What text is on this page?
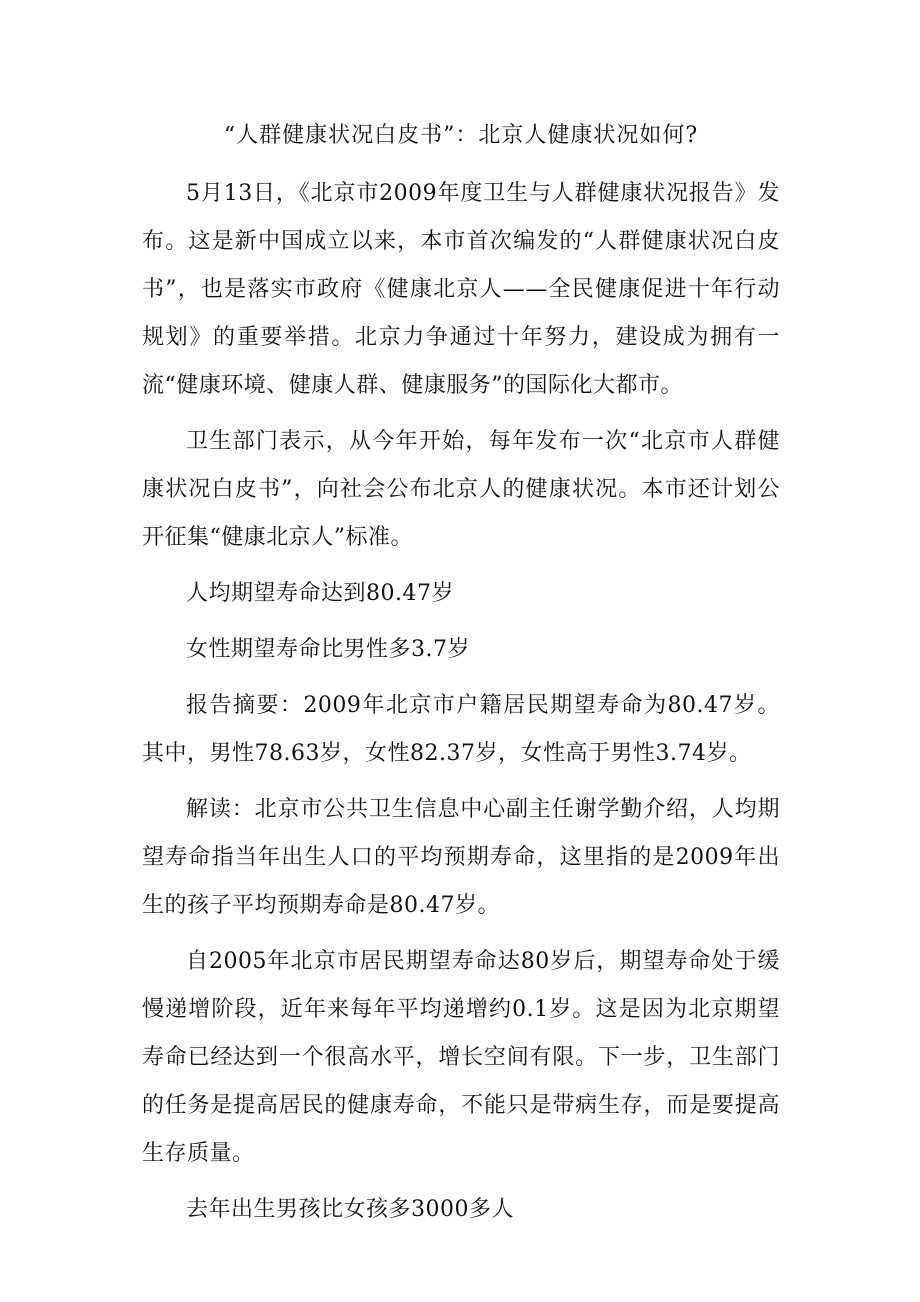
“人群健康状况白皮书”：北京人健康状况如何?

5月13日，《北京市2009年度卫生与人群健康状况报告》发布。这是新中国成立以来，本市首次编发的“人群健康状况白皮书”，也是落实市政府《健康北京人——全民健康促进十年行动规划》的重要举措。北京力争通过十年努力，建设成为拥有一流“健康环境、健康人群、健康服务”的国际化大都市。

卫生部门表示，从今年开始，每年发布一次“北京市人群健康状况白皮书”，向社会公布北京人的健康状况。本市还计划公开征集“健康北京人”标准。

人均期望寿命达到80.47岁

女性期望寿命比男性多3.7岁

报告摘要：2009年北京市户籍居民期望寿命为80.47岁。其中，男性78.63岁，女性82.37岁，女性高于男性3.74岁。

解读：北京市公共卫生信息中心副主任谢学勤介绍，人均期望寿命指当年出生人口的平均预期寿命，这里指的是2009年出生的孩子平均预期寿命是80.47岁。

自2005年北京市居民期望寿命达80岁后，期望寿命处于缓慢递增阶段，近年来每年平均递增约0.1岁。这是因为北京期望寿命已经达到一个很高水平，增长空间有限。下一步，卫生部门的任务是提高居民的健康寿命，不能只是带病生存，而是要提高生存质量。

去年出生男孩比女孩多3000多人
